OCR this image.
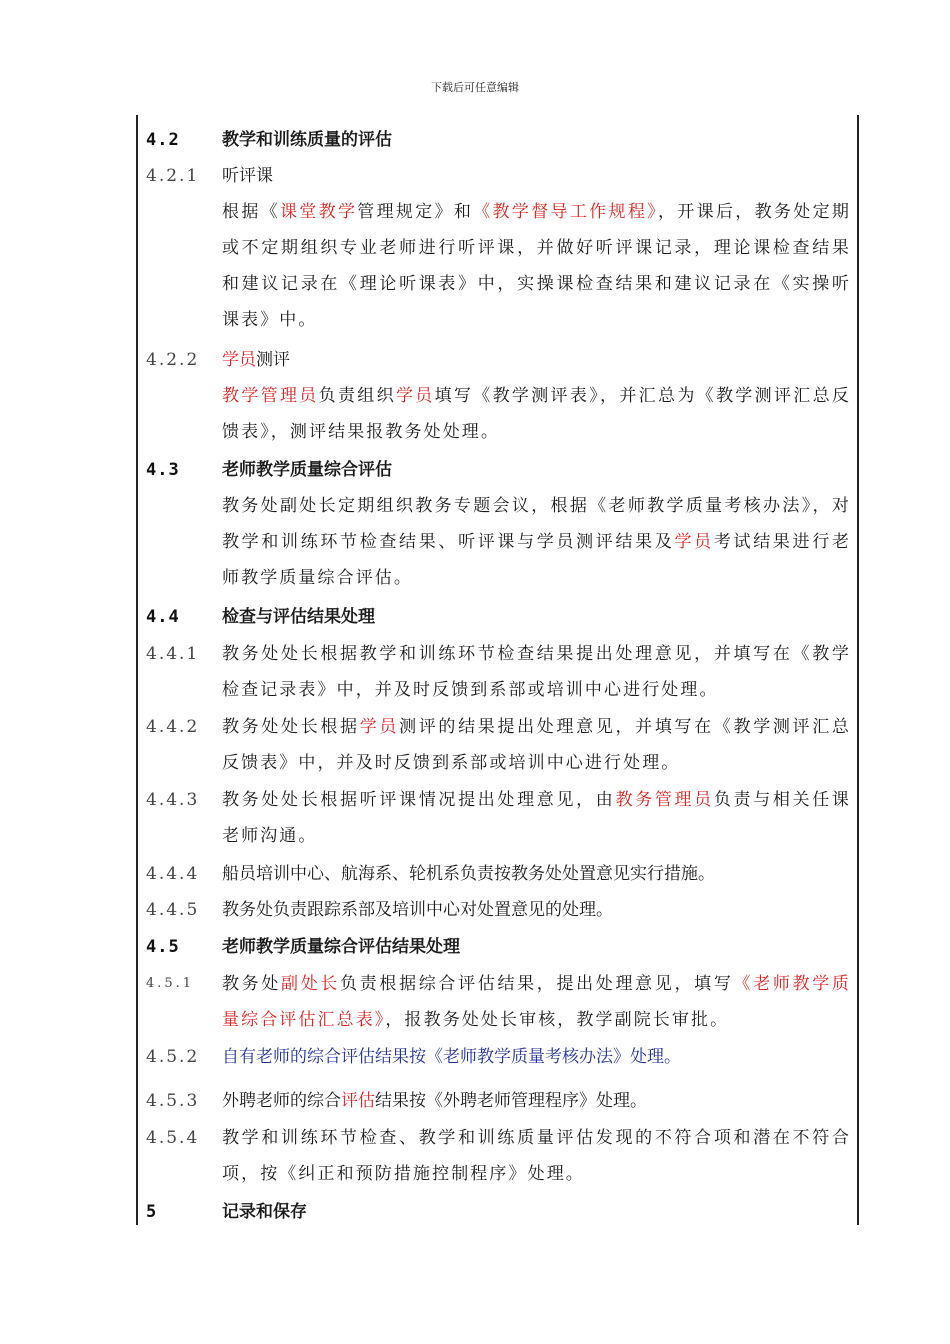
下载后可任意编辑
4.2 教学和训练质量的评估
4.2.1 听评课
根据《课堂教学管理规定》和《教学督导工作规程》，开课后，教务处定期或不定期组织专业老师进行听评课，并做好听评课记录，理论课检查结果和建议记录在《理论听课表》中，实操课检查结果和建议记录在《实操听课表》中。
4.2.2 学员测评
教学管理员负责组织学员填写《教学测评表》，并汇总为《教学测评汇总反馈表》，测评结果报教务处处理。
4.3 老师教学质量综合评估
教务处副处长定期组织教务专题会议，根据《老师教学质量考核办法》，对教学和训练环节检查结果、听评课与学员测评结果及学员考试结果进行老师教学质量综合评估。
4.4 检查与评估结果处理
4.4.1 教务处处长根据教学和训练环节检查结果提出处理意见，并填写在《教学检查记录表》中，并及时反馈到系部或培训中心进行处理。
4.4.2 教务处处长根据学员测评的结果提出处理意见，并填写在《教学测评汇总反馈表》中，并及时反馈到系部或培训中心进行处理。
4.4.3 教务处处长根据听评课情况提出处理意见，由教务管理员负责与相关任课老师沟通。
4.4.4 船员培训中心、航海系、轮机系负责按教务处处置意见实行措施。
4.4.5 教务处负责跟踪系部及培训中心对处置意见的处理。
4.5 老师教学质量综合评估结果处理
4.5.1 教务处副处长负责根据综合评估结果，提出处理意见，填写《老师教学质量综合评估汇总表》，报教务处处长审核，教学副院长审批。
4.5.2 自有老师的综合评估结果按《老师教学质量考核办法》处理。
4.5.3 外聘老师的综合评估结果按《外聘老师管理程序》处理。
4.5.4 教学和训练环节检查、教学和训练质量评估发现的不符合项和潜在不符合项，按《纠正和预防措施控制程序》处理。
5	记录和保存
